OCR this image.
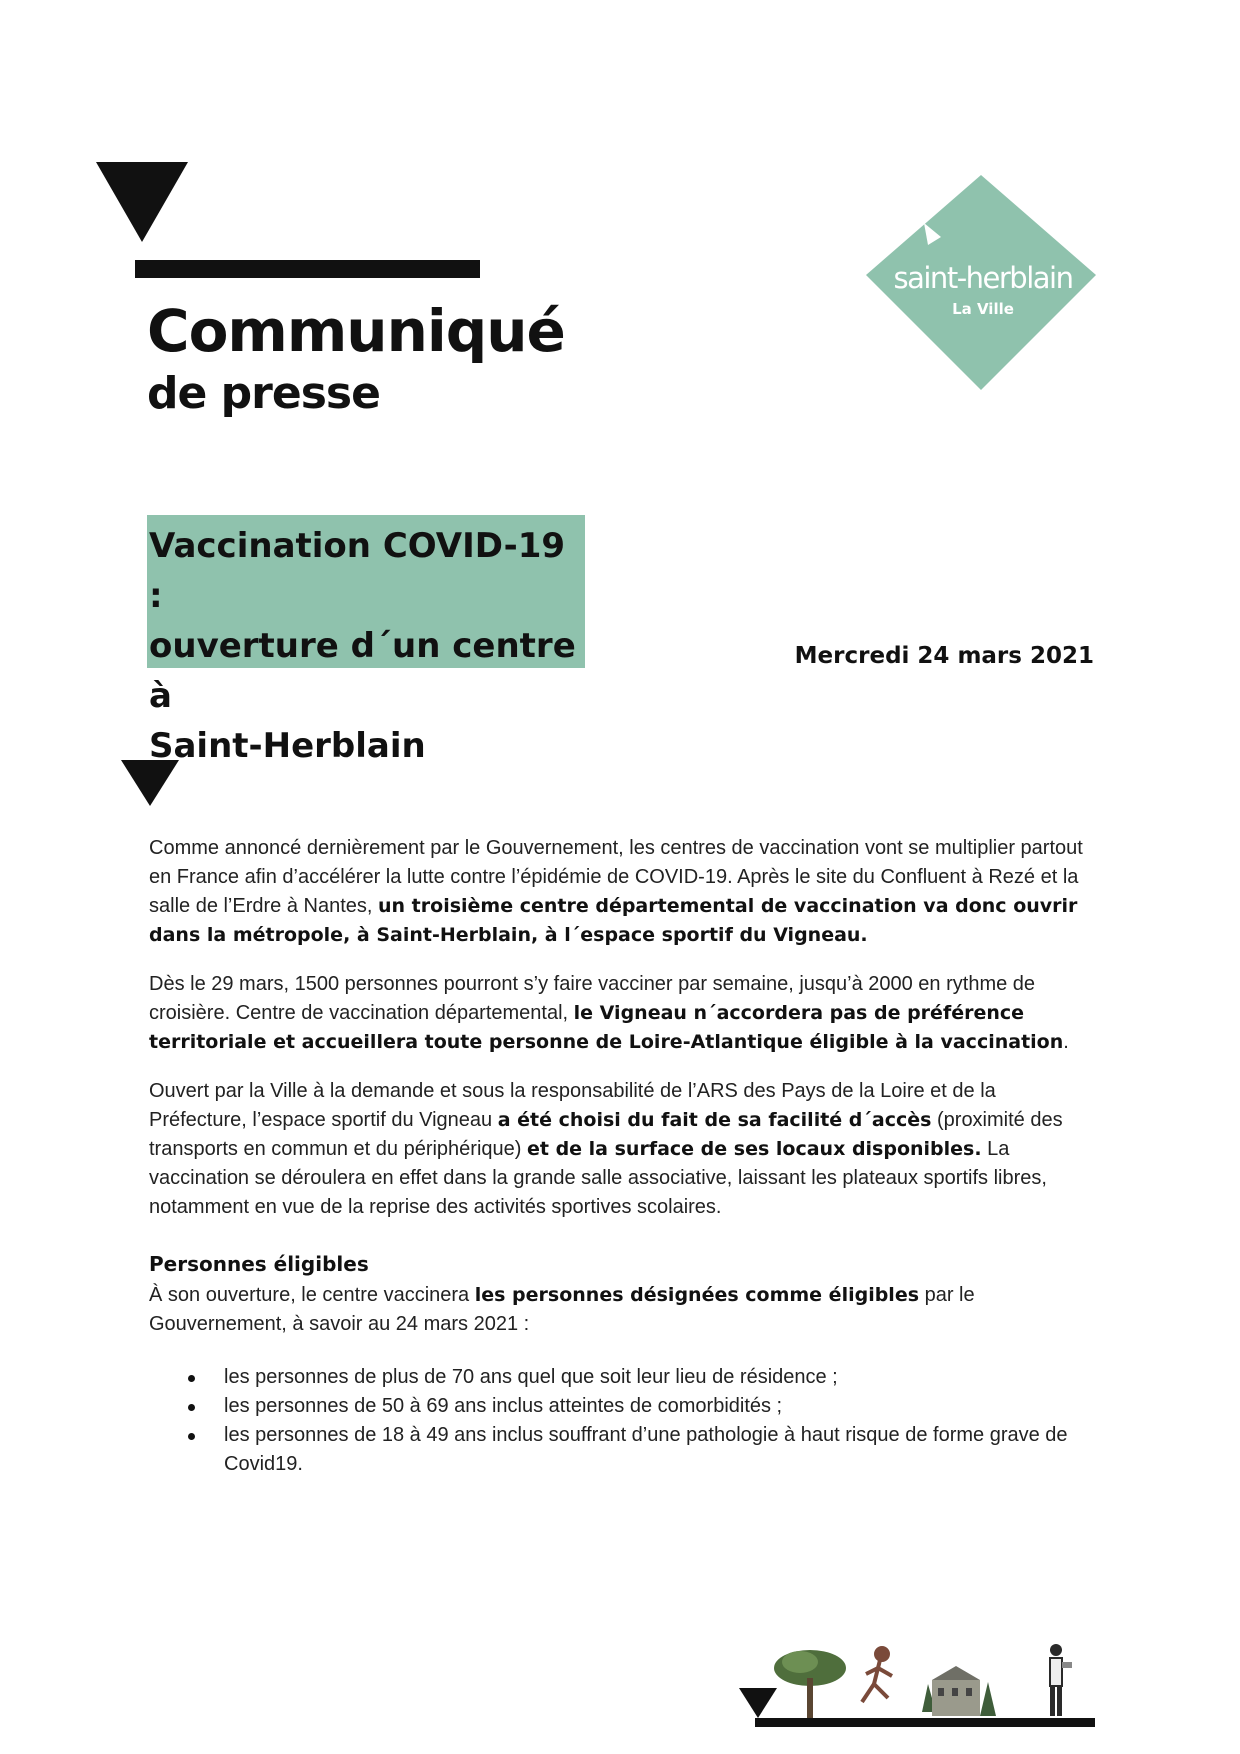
Communiqué
de presse
saint-herblain
La Ville
Vaccination COVID-19 :
ouverture d´un centre à
Saint-Herblain
Mercredi 24 mars 2021

Comme annoncé dernièrement par le Gouvernement, les centres de vaccination vont se multiplier partout en France afin d’accélérer la lutte contre l’épidémie de COVID-19. Après le site du Confluent à Rezé et la salle de l’Erdre à Nantes, un troisième centre départemental de vaccination va donc ouvrir dans la métropole, à Saint-Herblain, à l´espace sportif du Vigneau.

Dès le 29 mars, 1500 personnes pourront s’y faire vacciner par semaine, jusqu’à 2000 en rythme de croisière. Centre de vaccination départemental, le Vigneau n´accordera pas de préférence territoriale et accueillera toute personne de Loire-Atlantique éligible à la vaccination.

Ouvert par la Ville à la demande et sous la responsabilité de l’ARS des Pays de la Loire et de la Préfecture, l’espace sportif du Vigneau a été choisi du fait de sa facilité d´accès (proximité des transports en commun et du périphérique) et de la surface de ses locaux disponibles. La vaccination se déroulera en effet dans la grande salle associative, laissant les plateaux sportifs libres, notamment en vue de la reprise des activités sportives scolaires.

Personnes éligibles

À son ouverture, le centre vaccinera les personnes désignées comme éligibles par le Gouvernement, à savoir au 24 mars 2021 :

les personnes de plus de 70 ans quel que soit leur lieu de résidence ;
les personnes de 50 à 69 ans inclus atteintes de comorbidités ;
les personnes de 18 à 49 ans inclus souffrant d’une pathologie à haut risque de forme grave de Covid19.
